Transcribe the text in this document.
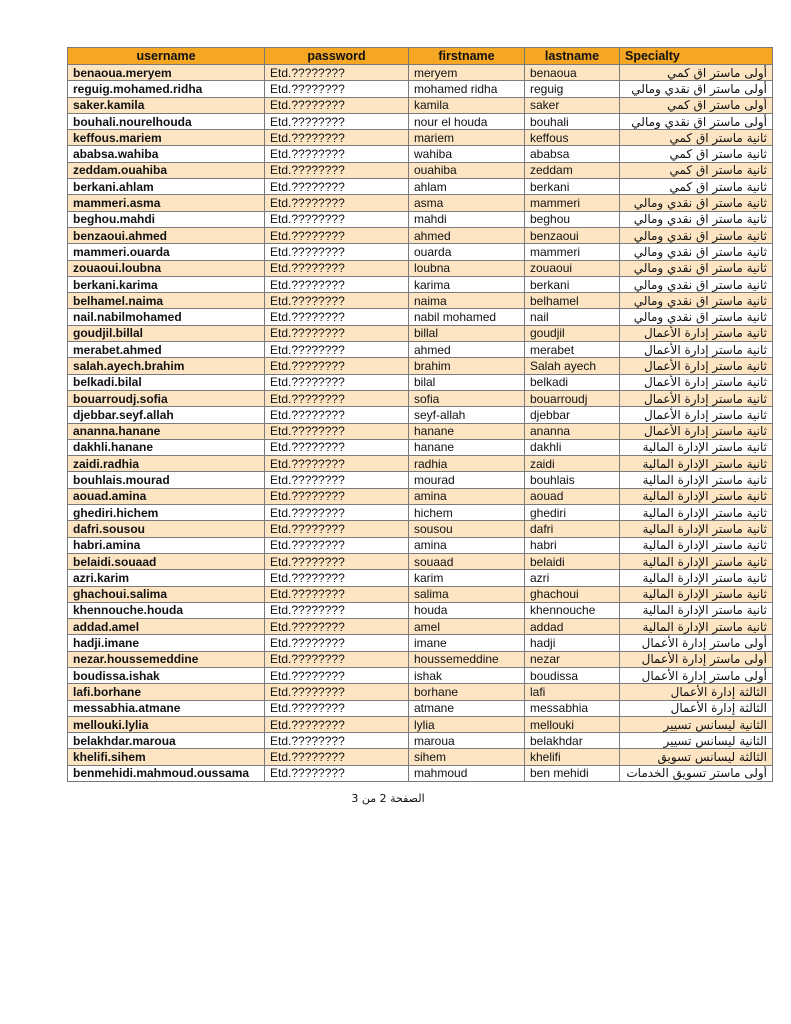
username	password	firstname	lastname	Specialty
benaoua.meryem	Etd.????????	meryem	benaoua	أولى ماستر اق كمي
reguig.mohamed.ridha	Etd.????????	mohamed ridha	reguig	أولى ماستر اق نقدي ومالي
saker.kamila	Etd.????????	kamila	saker	أولى ماستر اق كمي
bouhali.nourelhouda	Etd.????????	nour el houda	bouhali	أولى ماستر اق نقدي ومالي
keffous.mariem	Etd.????????	mariem	keffous	ثانية ماستر اق كمي
ababsa.wahiba	Etd.????????	wahiba	ababsa	ثانية ماستر اق كمي
zeddam.ouahiba	Etd.????????	ouahiba	zeddam	ثانية ماستر اق كمي
berkani.ahlam	Etd.????????	ahlam	berkani	ثانية ماستر اق كمي
mammeri.asma	Etd.????????	asma	mammeri	ثانية ماستر اق نقدي ومالي
beghou.mahdi	Etd.????????	mahdi	beghou	ثانية ماستر اق نقدي ومالي
benzaoui.ahmed	Etd.????????	ahmed	benzaoui	ثانية ماستر اق نقدي ومالي
mammeri.ouarda	Etd.????????	ouarda	mammeri	ثانية ماستر اق نقدي ومالي
zouaoui.loubna	Etd.????????	loubna	zouaoui	ثانية ماستر اق نقدي ومالي
berkani.karima	Etd.????????	karima	berkani	ثانية ماستر اق نقدي ومالي
belhamel.naima	Etd.????????	naima	belhamel	ثانية ماستر اق نقدي ومالي
nail.nabilmohamed	Etd.????????	nabil mohamed	nail	ثانية ماستر اق نقدي ومالي
goudjil.billal	Etd.????????	billal	goudjil	ثانية ماستر إدارة الأعمال
merabet.ahmed	Etd.????????	ahmed	merabet	ثانية ماستر إدارة الأعمال
salah.ayech.brahim	Etd.????????	brahim	Salah ayech	ثانية ماستر إدارة الأعمال
belkadi.bilal	Etd.????????	bilal	belkadi	ثانية ماستر إدارة الأعمال
bouarroudj.sofia	Etd.????????	sofia	bouarroudj	ثانية ماستر إدارة الأعمال
djebbar.seyf.allah	Etd.????????	seyf-allah	djebbar	ثانية ماستر إدارة الأعمال
ananna.hanane	Etd.????????	hanane	ananna	ثانية ماستر إدارة الأعمال
dakhli.hanane	Etd.????????	hanane	dakhli	ثانية ماستر الإدارة المالية
zaidi.radhia	Etd.????????	radhia	zaidi	ثانية ماستر الإدارة المالية
bouhlais.mourad	Etd.????????	mourad	bouhlais	ثانية ماستر الإدارة المالية
aouad.amina	Etd.????????	amina	aouad	ثانية ماستر الإدارة المالية
ghediri.hichem	Etd.????????	hichem	ghediri	ثانية ماستر الإدارة المالية
dafri.sousou	Etd.????????	sousou	dafri	ثانية ماستر الإدارة المالية
habri.amina	Etd.????????	amina	habri	ثانية ماستر الإدارة المالية
belaidi.souaad	Etd.????????	souaad	belaidi	ثانية ماستر الإدارة المالية
azri.karim	Etd.????????	karim	azri	ثانية ماستر الإدارة المالية
ghachoui.salima	Etd.????????	salima	ghachoui	ثانية ماستر الإدارة المالية
khennouche.houda	Etd.????????	houda	khennouche	ثانية ماستر الإدارة المالية
addad.amel	Etd.????????	amel	addad	ثانية ماستر الإدارة المالية
hadji.imane	Etd.????????	imane	hadji	أولى ماستر إدارة الأعمال
nezar.houssemeddine	Etd.????????	houssemeddine	nezar	أولى ماستر إدارة الأعمال
boudissa.ishak	Etd.????????	ishak	boudissa	أولى ماستر إدارة الأعمال
lafi.borhane	Etd.????????	borhane	lafi	الثالثة إدارة الأعمال
messabhia.atmane	Etd.????????	atmane	messabhia	الثالثة إدارة الأعمال
mellouki.lylia	Etd.????????	lylia	mellouki	الثانية ليسانس تسيير
belakhdar.maroua	Etd.????????	maroua	belakhdar	الثانية ليسانس تسيير
khelifi.sihem	Etd.????????	sihem	khelifi	الثالثة ليسانس تسويق
benmehidi.mahmoud.oussama	Etd.????????	mahmoud	ben mehidi	أولى ماستر تسويق الخدمات
الصفحة 2 من 3
